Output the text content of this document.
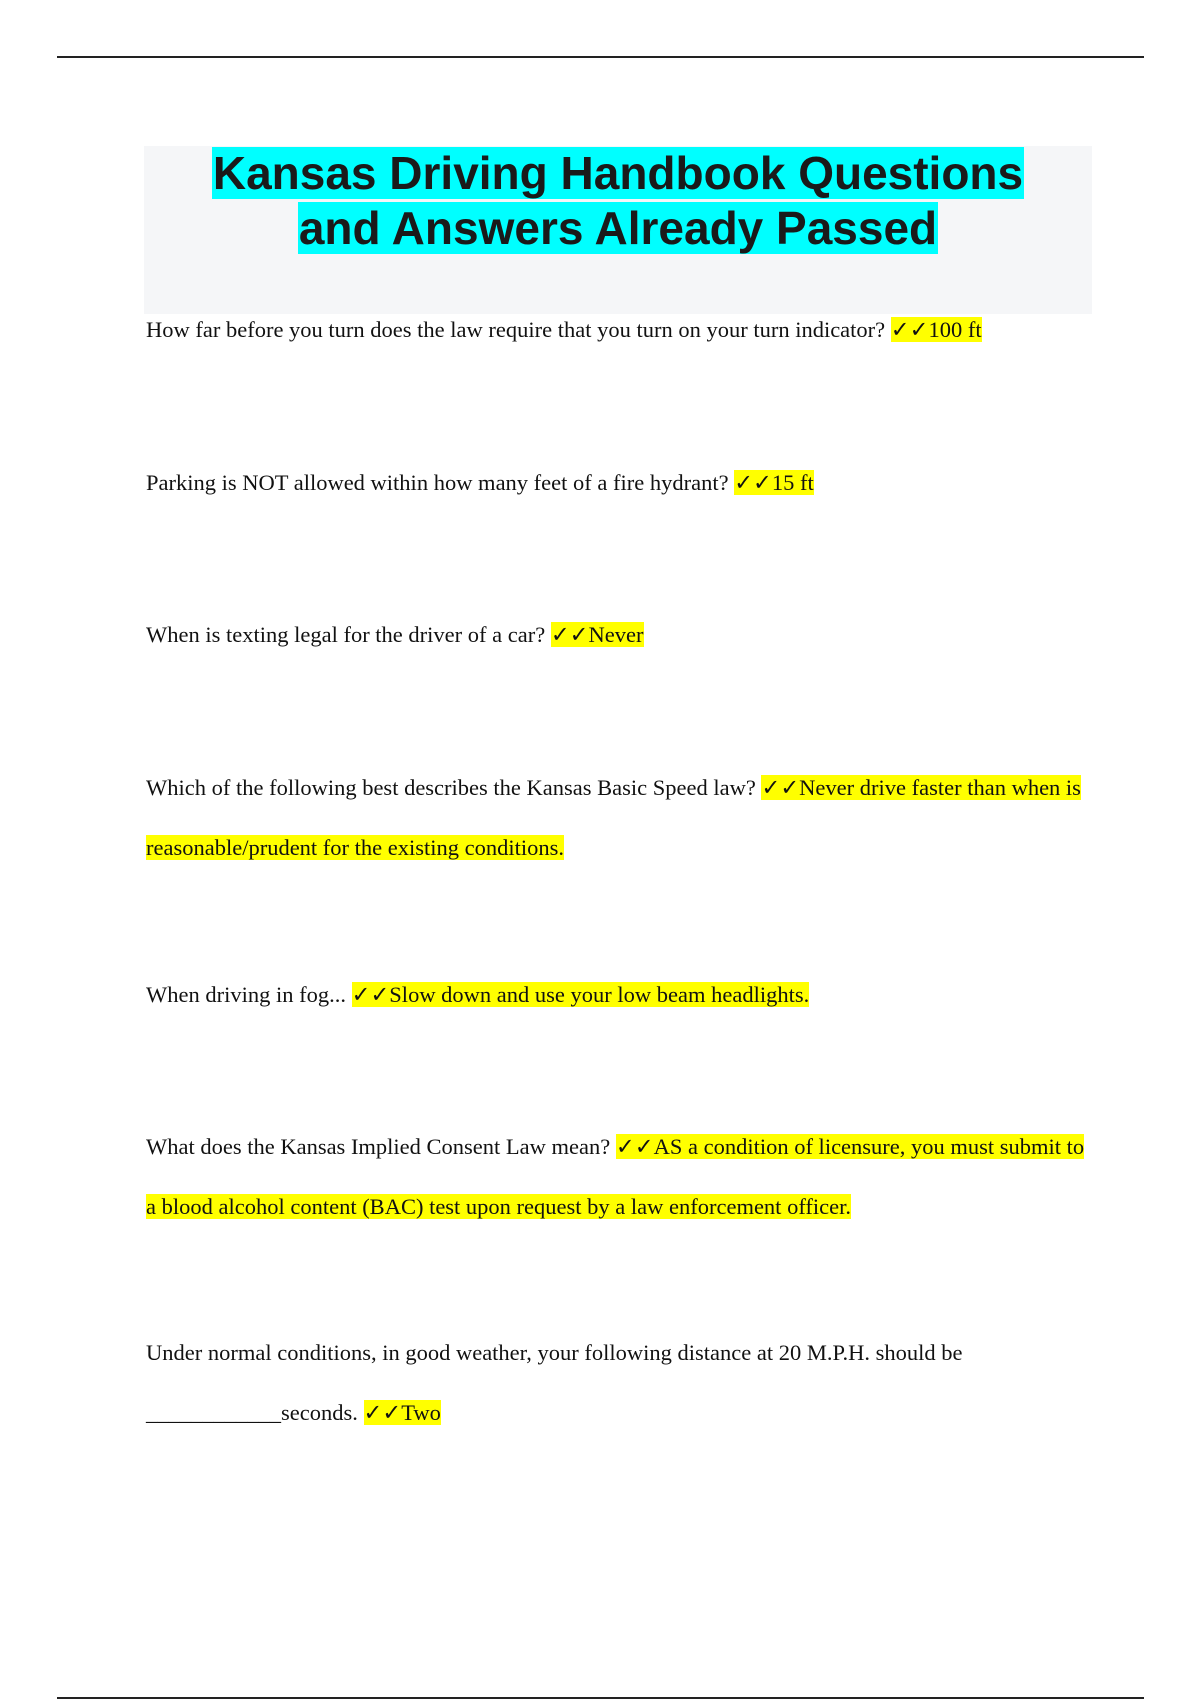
Kansas Driving Handbook Questions
and Answers Already Passed

How far before you turn does the law require that you turn on your turn indicator? ✓✓100 ft

Parking is NOT allowed within how many feet of a fire hydrant? ✓✓15 ft

When is texting legal for the driver of a car? ✓✓Never

Which of the following best describes the Kansas Basic Speed law? ✓✓Never drive faster than when is reasonable/prudent for the existing conditions.

When driving in fog... ✓✓Slow down and use your low beam headlights.

What does the Kansas Implied Consent Law mean? ✓✓AS a condition of licensure, you must submit to a blood alcohol content (BAC) test upon request by a law enforcement officer.

Under normal conditions, in good weather, your following distance at 20 M.P.H. should be ____________seconds. ✓✓Two
